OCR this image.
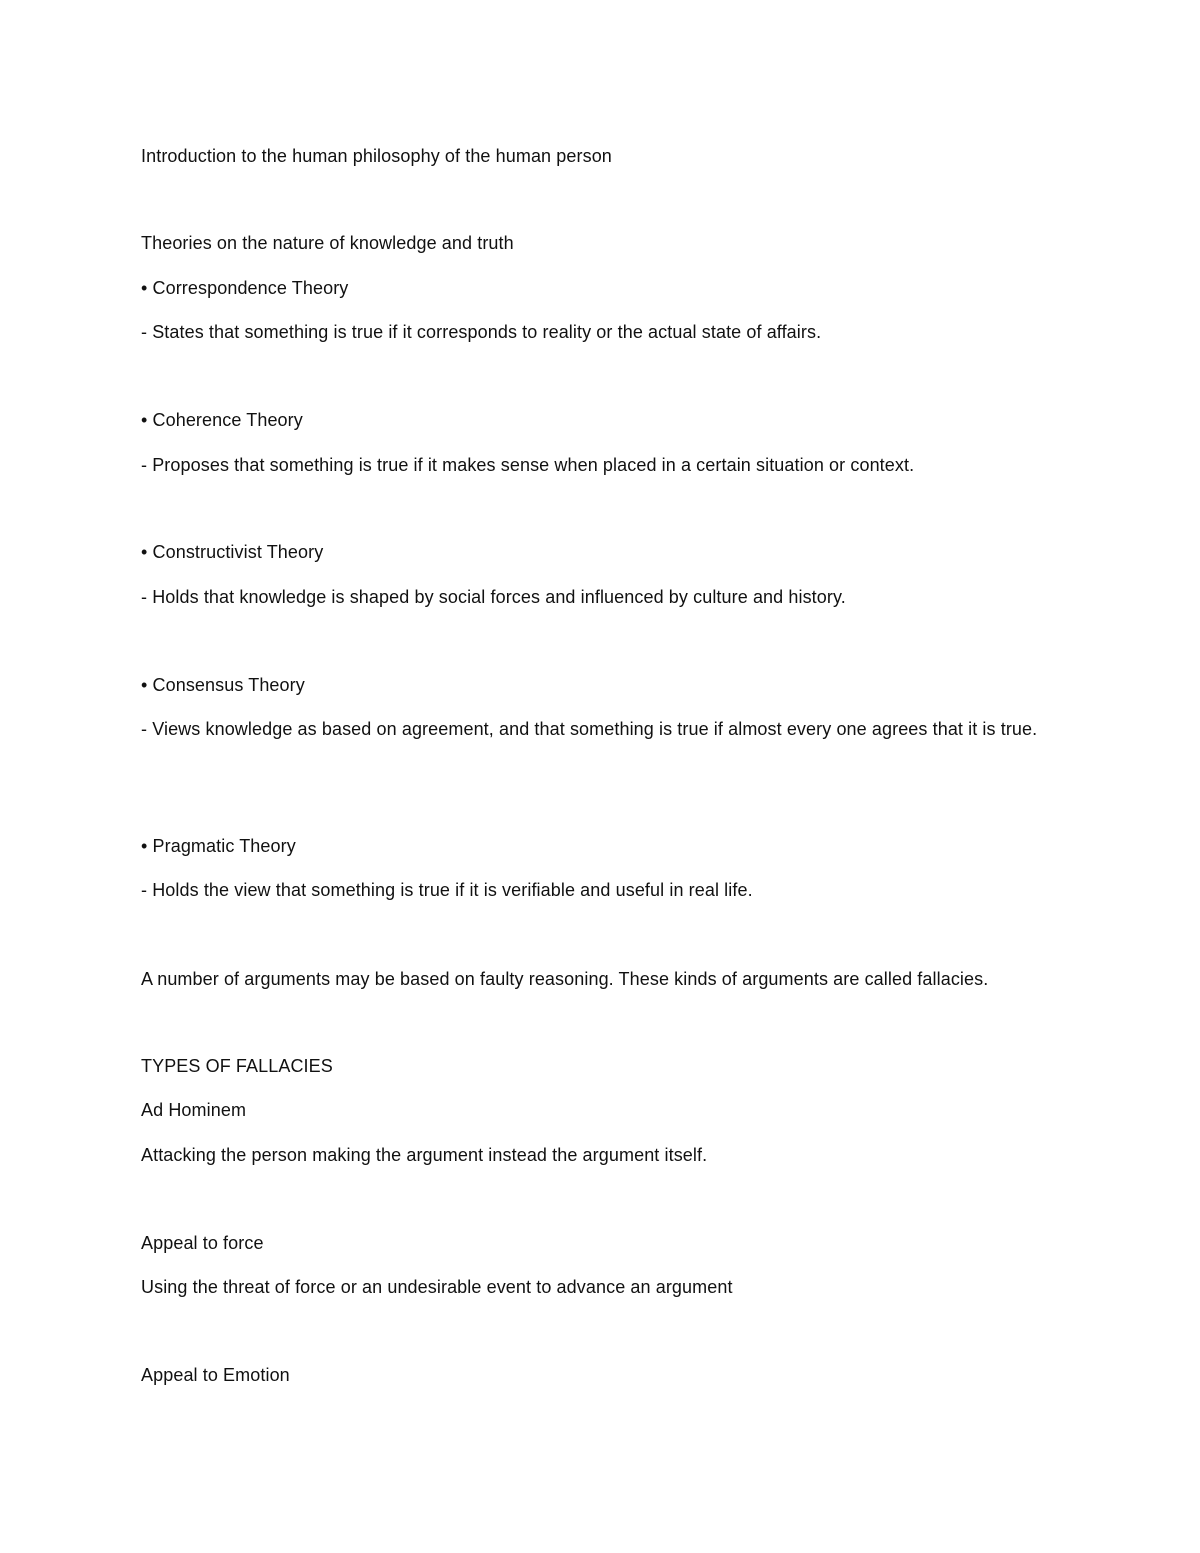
Introduction to the human philosophy of the human person
Theories on the nature of knowledge and truth
• Correspondence Theory
- States that something is true if it corresponds to reality or the actual state of affairs.
• Coherence Theory
- Proposes that something is true if it makes sense when placed in a certain situation or context.
• Constructivist Theory
- Holds that knowledge is shaped by social forces and influenced by culture and history.
• Consensus Theory
- Views knowledge as based on agreement, and that something is true if almost every one agrees that it is true.
• Pragmatic Theory
- Holds the view that something is true if it is verifiable and useful in real life.
A number of arguments may be based on faulty reasoning. These kinds of arguments are called fallacies.
TYPES OF FALLACIES
Ad Hominem
Attacking the person making the argument instead the argument itself.
Appeal to force
Using the threat of force or an undesirable event to advance an argument
Appeal to Emotion
